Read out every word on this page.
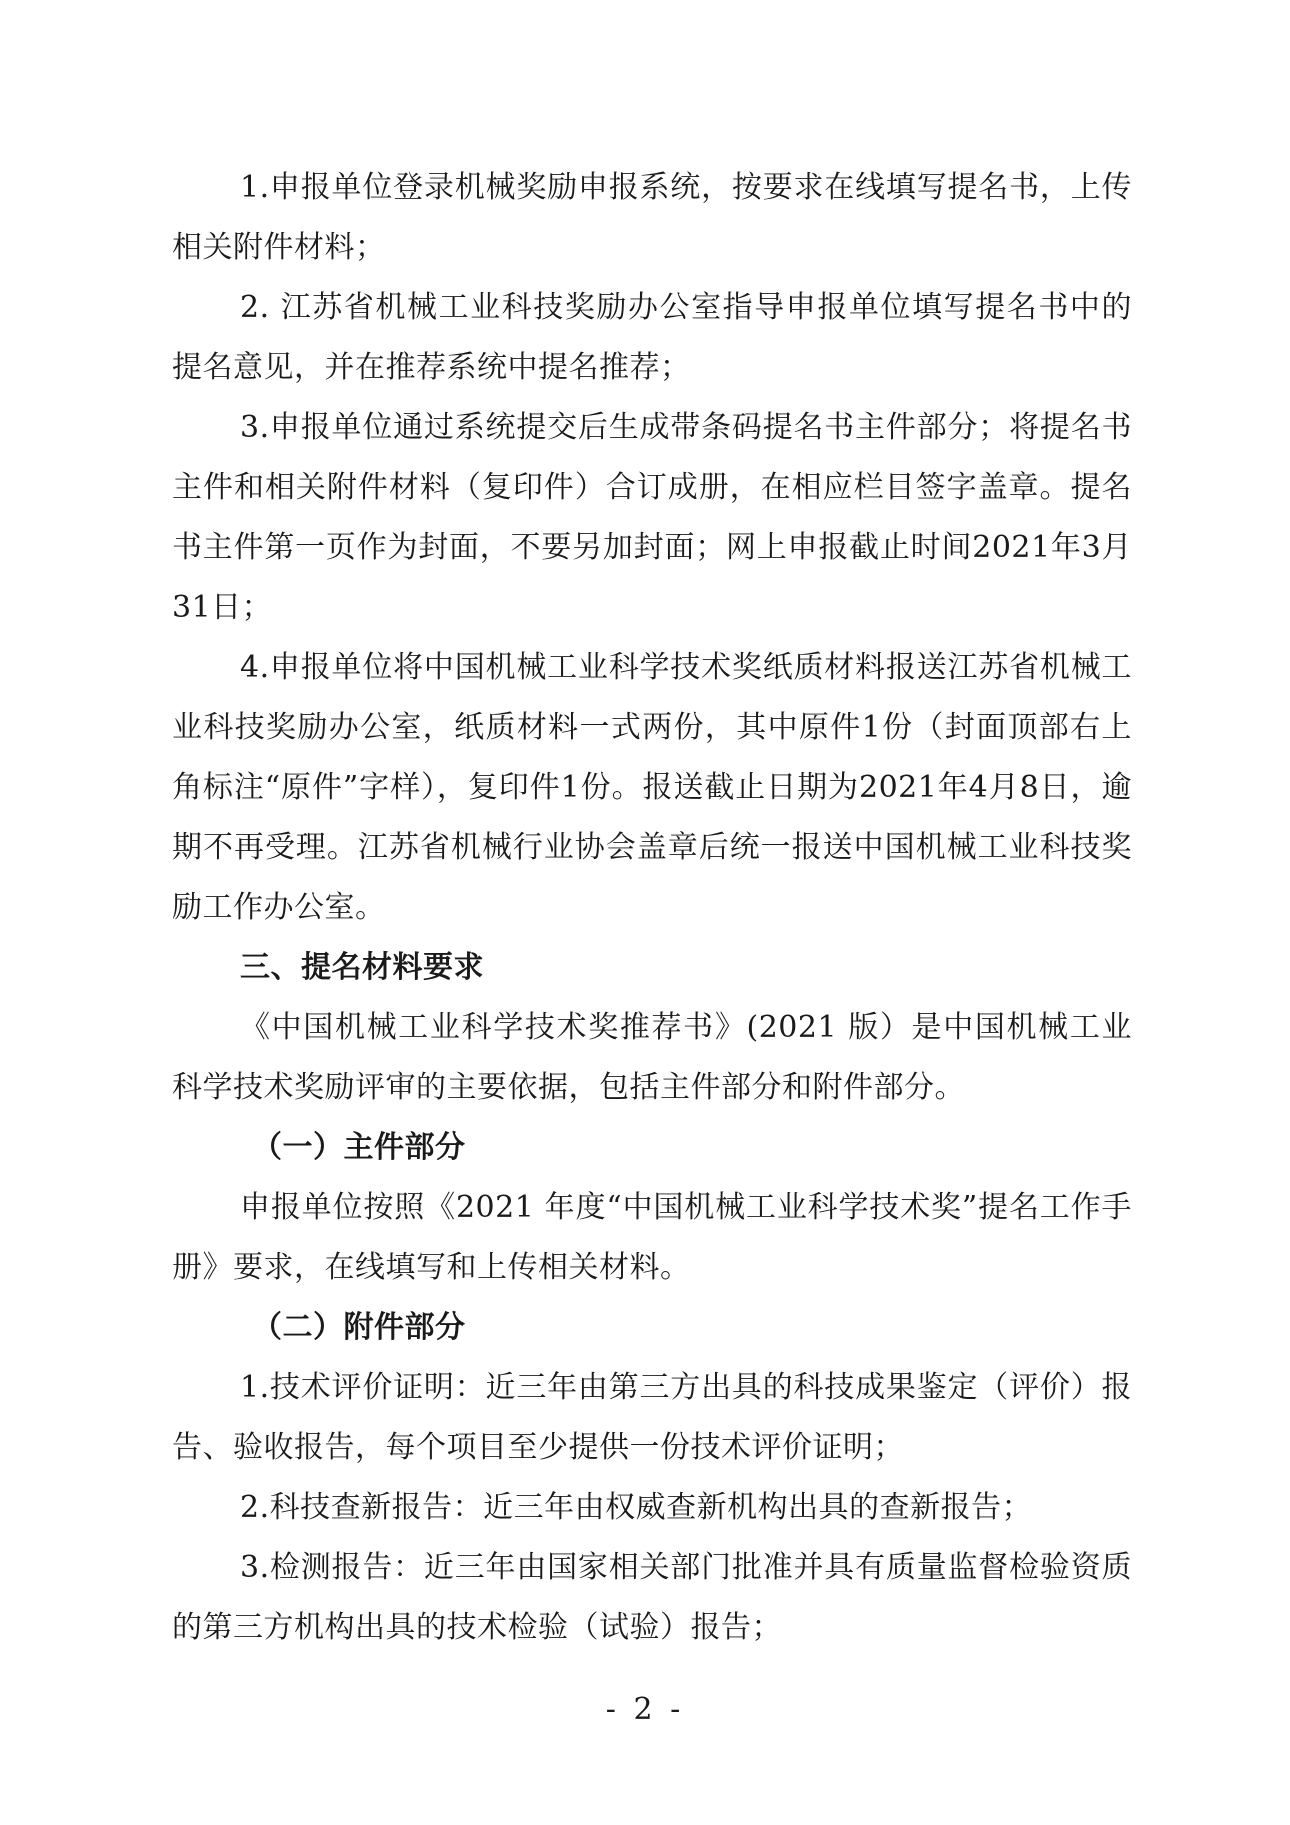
1.申报单位登录机械奖励申报系统，按要求在线填写提名书，上传相关附件材料；

2. 江苏省机械工业科技奖励办公室指导申报单位填写提名书中的提名意见，并在推荐系统中提名推荐；

3.申报单位通过系统提交后生成带条码提名书主件部分；将提名书主件和相关附件材料（复印件）合订成册，在相应栏目签字盖章。提名书主件第一页作为封面，不要另加封面；网上申报截止时间2021年3月31日；

4.申报单位将中国机械工业科学技术奖纸质材料报送江苏省机械工业科技奖励办公室，纸质材料一式两份，其中原件1份（封面顶部右上角标注“原件”字样），复印件1份。报送截止日期为2021年4月8日，逾期不再受理。江苏省机械行业协会盖章后统一报送中国机械工业科技奖励工作办公室。

三、提名材料要求

《中国机械工业科学技术奖推荐书》(2021 版）是中国机械工业科学技术奖励评审的主要依据，包括主件部分和附件部分。

（一）主件部分

申报单位按照《2021 年度“中国机械工业科学技术奖”提名工作手册》要求，在线填写和上传相关材料。

（二）附件部分

1.技术评价证明：近三年由第三方出具的科技成果鉴定（评价）报告、验收报告，每个项目至少提供一份技术评价证明；

2.科技查新报告：近三年由权威查新机构出具的查新报告；

3.检测报告：近三年由国家相关部门批准并具有质量监督检验资质的第三方机构出具的技术检验（试验）报告；

- 2 -
